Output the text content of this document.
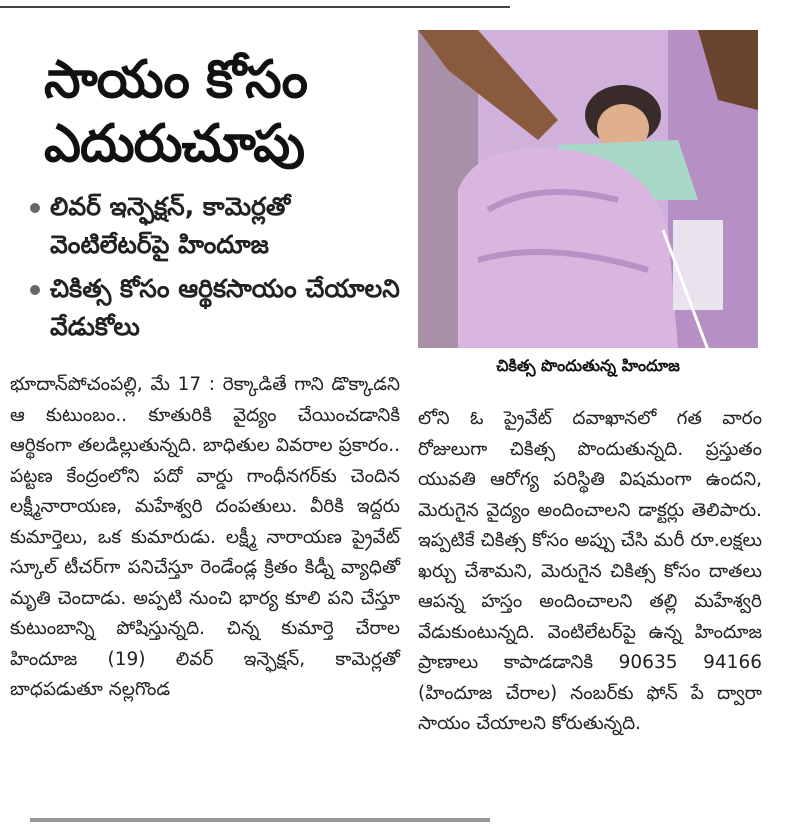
సాయం కోసం
ఎదురుచూపు
లివర్ ఇన్ఫెక్షన్, కామెర్లతో వెంటిలేటర్‌పై హిందూజ
చికిత్స కోసం ఆర్థికసాయం చేయాలని వేడుకోలు
చికిత్స పొందుతున్న హిందూజ

భూదాన్‌పోచంపల్లి, మే 17 : రెక్కాడితే గాని డొక్కాడని ఆ కుటుంబం.. కూతురికి వైద్యం చేయించడానికి ఆర్థికంగా తలడిల్లుతున్నది. బాధితుల వివరాల ప్రకారం.. పట్టణ కేంద్రంలోని పదో వార్డు గాంధీనగర్‌కు చెందిన లక్ష్మీనారాయణ, మహేశ్వరి దంపతులు. వీరికి ఇద్దరు కుమార్తెలు, ఒక కుమారుడు. లక్ష్మీ నారాయణ ప్రైవేట్ స్కూల్ టీచర్‌గా పనిచేస్తూ రెండేండ్ల క్రితం కిడ్నీ వ్యాధితో మృతి చెందాడు. అప్పటి నుంచి భార్య కూలి పని చేస్తూ కుటుంబాన్ని పోషిస్తున్నది. చిన్న కుమార్తె చేరాల హిందూజ (19) లివర్ ఇన్ఫెక్షన్, కామెర్లతో బాధపడుతూ నల్లగొండ

లోని ఓ ప్రైవేట్ దవాఖానలో గత వారం రోజులుగా చికిత్స పొందుతున్నది. ప్రస్తుతం యువతి ఆరోగ్య పరిస్థితి విషమంగా ఉందని, మెరుగైన వైద్యం అందించాలని డాక్టర్లు తెలిపారు. ఇప్పటికే చికిత్స కోసం అప్పు చేసి మరీ రూ.లక్షలు ఖర్చు చేశామని, మెరుగైన చికిత్స కోసం దాతలు ఆపన్న హస్తం అందించాలని తల్లి మహేశ్వరి వేడుకుంటున్నది. వెంటిలేటర్‌పై ఉన్న హిందూజ ప్రాణాలు కాపాడడానికి 90635 94166 (హిందూజ చేరాల) నంబర్‌కు ఫోన్ పే ద్వారా సాయం చేయాలని కోరుతున్నది.
